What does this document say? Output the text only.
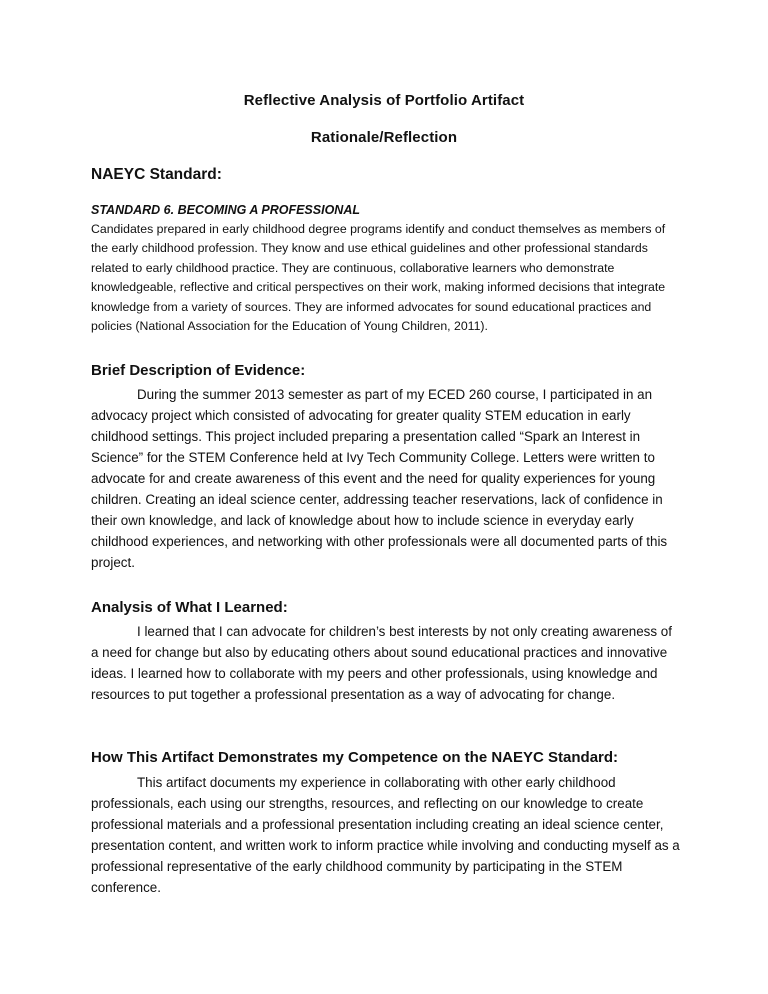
Reflective Analysis of Portfolio Artifact
Rationale/Reflection
NAEYC Standard:
STANDARD 6. BECOMING A PROFESSIONAL
Candidates prepared in early childhood degree programs identify and conduct themselves as members of the early childhood profession. They know and use ethical guidelines and other professional standards related to early childhood practice. They are continuous, collaborative learners who demonstrate knowledgeable, reflective and critical perspectives on their work, making informed decisions that integrate knowledge from a variety of sources. They are informed advocates for sound educational practices and policies (National Association for the Education of Young Children, 2011).
Brief Description of Evidence:
During the summer 2013 semester as part of my ECED 260 course, I participated in an advocacy project which consisted of advocating for greater quality STEM education in early childhood settings. This project included preparing a presentation called “Spark an Interest in Science” for the STEM Conference held at Ivy Tech Community College. Letters were written to advocate for and create awareness of this event and the need for quality experiences for young children. Creating an ideal science center, addressing teacher reservations, lack of confidence in their own knowledge, and lack of knowledge about how to include science in everyday early childhood experiences, and networking with other professionals were all documented parts of this project.
Analysis of What I Learned:
I learned that I can advocate for children’s best interests by not only creating awareness of a need for change but also by educating others about sound educational practices and innovative ideas. I learned how to collaborate with my peers and other professionals, using knowledge and resources to put together a professional presentation as a way of advocating for change.
How This Artifact Demonstrates my Competence on the NAEYC Standard:
This artifact documents my experience in collaborating with other early childhood professionals, each using our strengths, resources, and reflecting on our knowledge to create professional materials and a professional presentation including creating an ideal science center, presentation content, and written work to inform practice while involving and conducting myself as a professional representative of the early childhood community by participating in the STEM conference.
